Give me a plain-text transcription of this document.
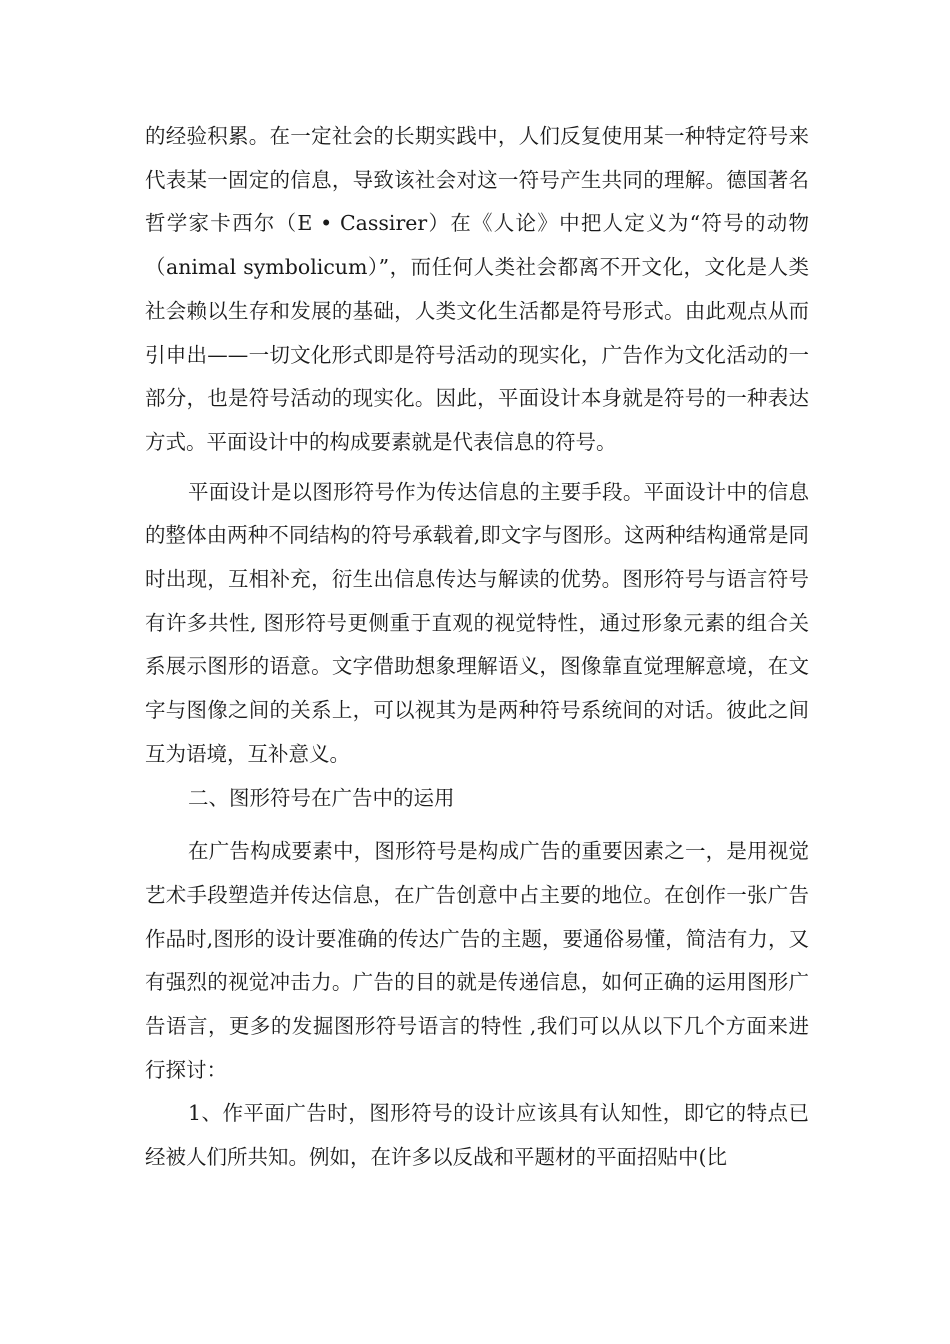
的经验积累。在一定社会的长期实践中，人们反复使用某一种特定符号来代表某一固定的信息，导致该社会对这一符号产生共同的理解。德国著名哲学家卡西尔（E • Cassirer）在《人论》中把人定义为“符号的动物（animal symbolicum）”，而任何人类社会都离不开文化，文化是人类社会赖以生存和发展的基础，人类文化生活都是符号形式。由此观点从而引申出——一切文化形式即是符号活动的现实化，广告作为文化活动的一部分，也是符号活动的现实化。因此，平面设计本身就是符号的一种表达方式。平面设计中的构成要素就是代表信息的符号。

平面设计是以图形符号作为传达信息的主要手段。平面设计中的信息的整体由两种不同结构的符号承载着,即文字与图形。这两种结构通常是同时出现，互相补充，衍生出信息传达与解读的优势。图形符号与语言符号有许多共性, 图形符号更侧重于直观的视觉特性，通过形象元素的组合关系展示图形的语意。文字借助想象理解语义，图像靠直觉理解意境，在文字与图像之间的关系上，可以视其为是两种符号系统间的对话。彼此之间互为语境，互补意义。

二、图形符号在广告中的运用

在广告构成要素中，图形符号是构成广告的重要因素之一，是用视觉艺术手段塑造并传达信息，在广告创意中占主要的地位。在创作一张广告作品时,图形的设计要准确的传达广告的主题，要通俗易懂，简洁有力，又有强烈的视觉冲击力。广告的目的就是传递信息，如何正确的运用图形广告语言，更多的发掘图形符号语言的特性 ,我们可以从以下几个方面来进行探讨：

1、作平面广告时，图形符号的设计应该具有认知性，即它的特点已经被人们所共知。例如，在许多以反战和平题材的平面招贴中(比
